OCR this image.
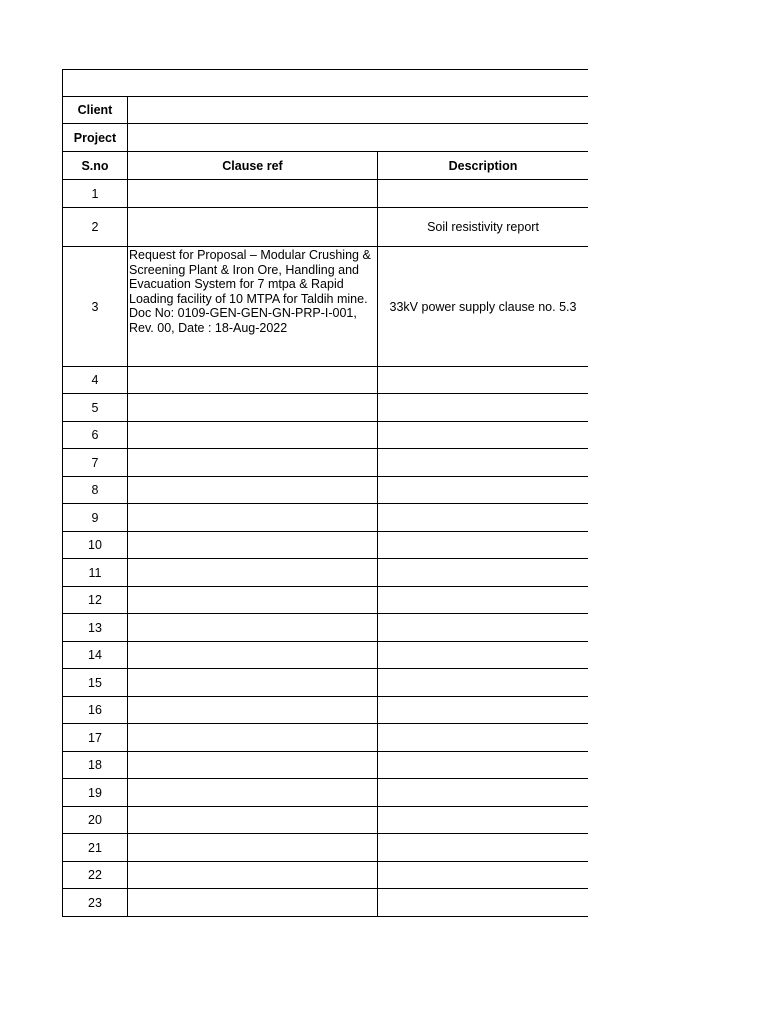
Client			
Project			
S.no	Clause ref	Description	
1			
2		Soil resistivity report	
3	Request for Proposal – Modular Crushing & Screening Plant & Iron Ore, Handling and Evacuation System for 7 mtpa & Rapid Loading facility of 10 MTPA for Taldih mine. Doc No: 0109-GEN-GEN-GN-PRP-I-001, Rev. 00, Date : 18-Aug-2022	33kV power supply clause no. 5.3	
4			
5			
6			
7			
8			
9			
10			
11			
12			
13			
14			
15			
16			
17			
18			
19			
20			
21			
22			
23			
